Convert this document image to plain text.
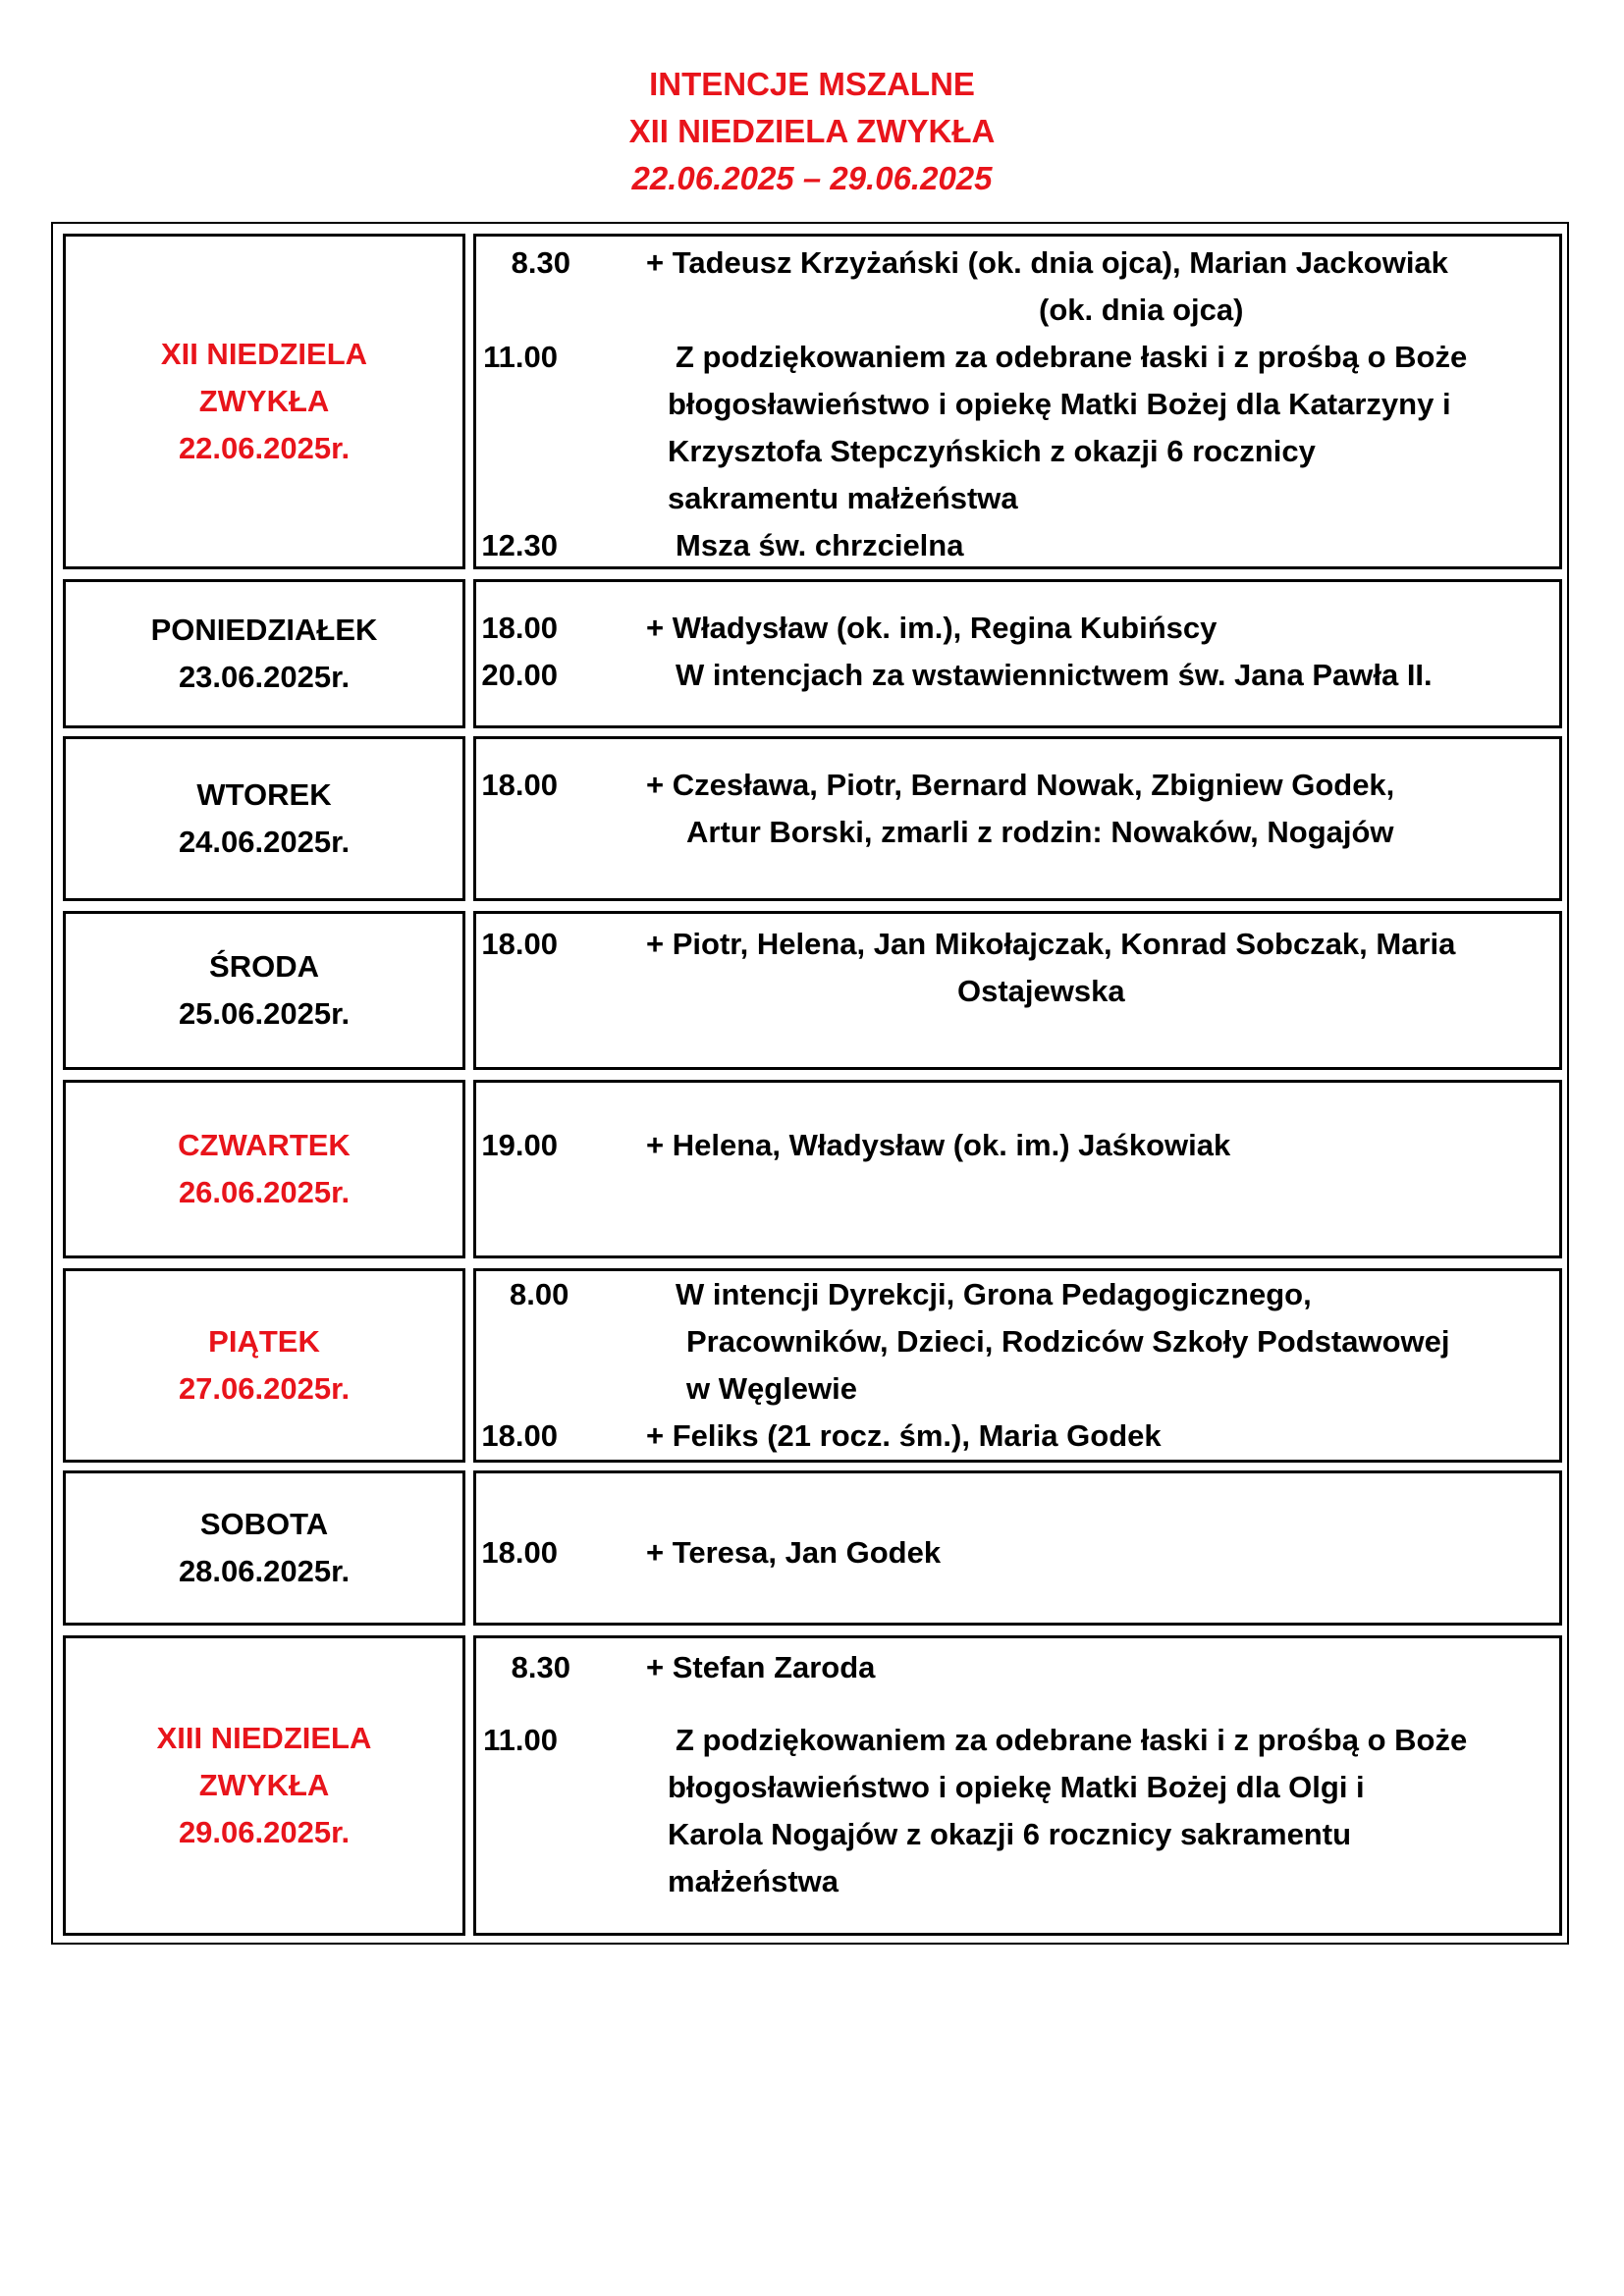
INTENCJE MSZALNE
XII NIEDZIELA ZWYKŁA
22.06.2025 – 29.06.2025
XII NIEDZIELA
ZWYKŁA
22.06.2025r.
8.30 + Tadeusz Krzyżański (ok. dnia ojca), Marian Jackowiak
(ok. dnia ojca)
11.00	Z podziękowaniem za odebrane łaski i z prośbą o Boże
błogosławieństwo i opiekę Matki Bożej dla Katarzyny i
Krzysztofa Stepczyńskich z okazji 6 rocznicy
sakramentu małżeństwa
12.30	Msza św. chrzcielna
PONIEDZIAŁEK
23.06.2025r.
18.00	+ Władysław (ok. im.), Regina Kubińscy
20.00	W intencjach za wstawiennictwem św. Jana Pawła II.
WTOREK
24.06.2025r.
18.00	+ Czesława, Piotr, Bernard Nowak, Zbigniew Godek,
Artur Borski, zmarli z rodzin: Nowaków, Nogajów
ŚRODA
25.06.2025r.
18.00	+ Piotr, Helena, Jan Mikołajczak, Konrad Sobczak, Maria
Ostajewska
CZWARTEK
26.06.2025r.
19.00	+ Helena, Władysław (ok. im.) Jaśkowiak
PIĄTEK
27.06.2025r.
8.00	W intencji Dyrekcji, Grona Pedagogicznego,
Pracowników, Dzieci, Rodziców Szkoły Podstawowej
w Węglewie
18.00	+ Feliks (21 rocz. śm.), Maria Godek
SOBOTA
28.06.2025r.
18.00	+ Teresa, Jan Godek
XIII NIEDZIELA
ZWYKŁA
29.06.2025r.
8.30 + Stefan Zaroda
11.00	Z podziękowaniem za odebrane łaski i z prośbą o Boże
błogosławieństwo i opiekę Matki Bożej dla Olgi i
Karola Nogajów z okazji 6 rocznicy sakramentu
małżeństwa
